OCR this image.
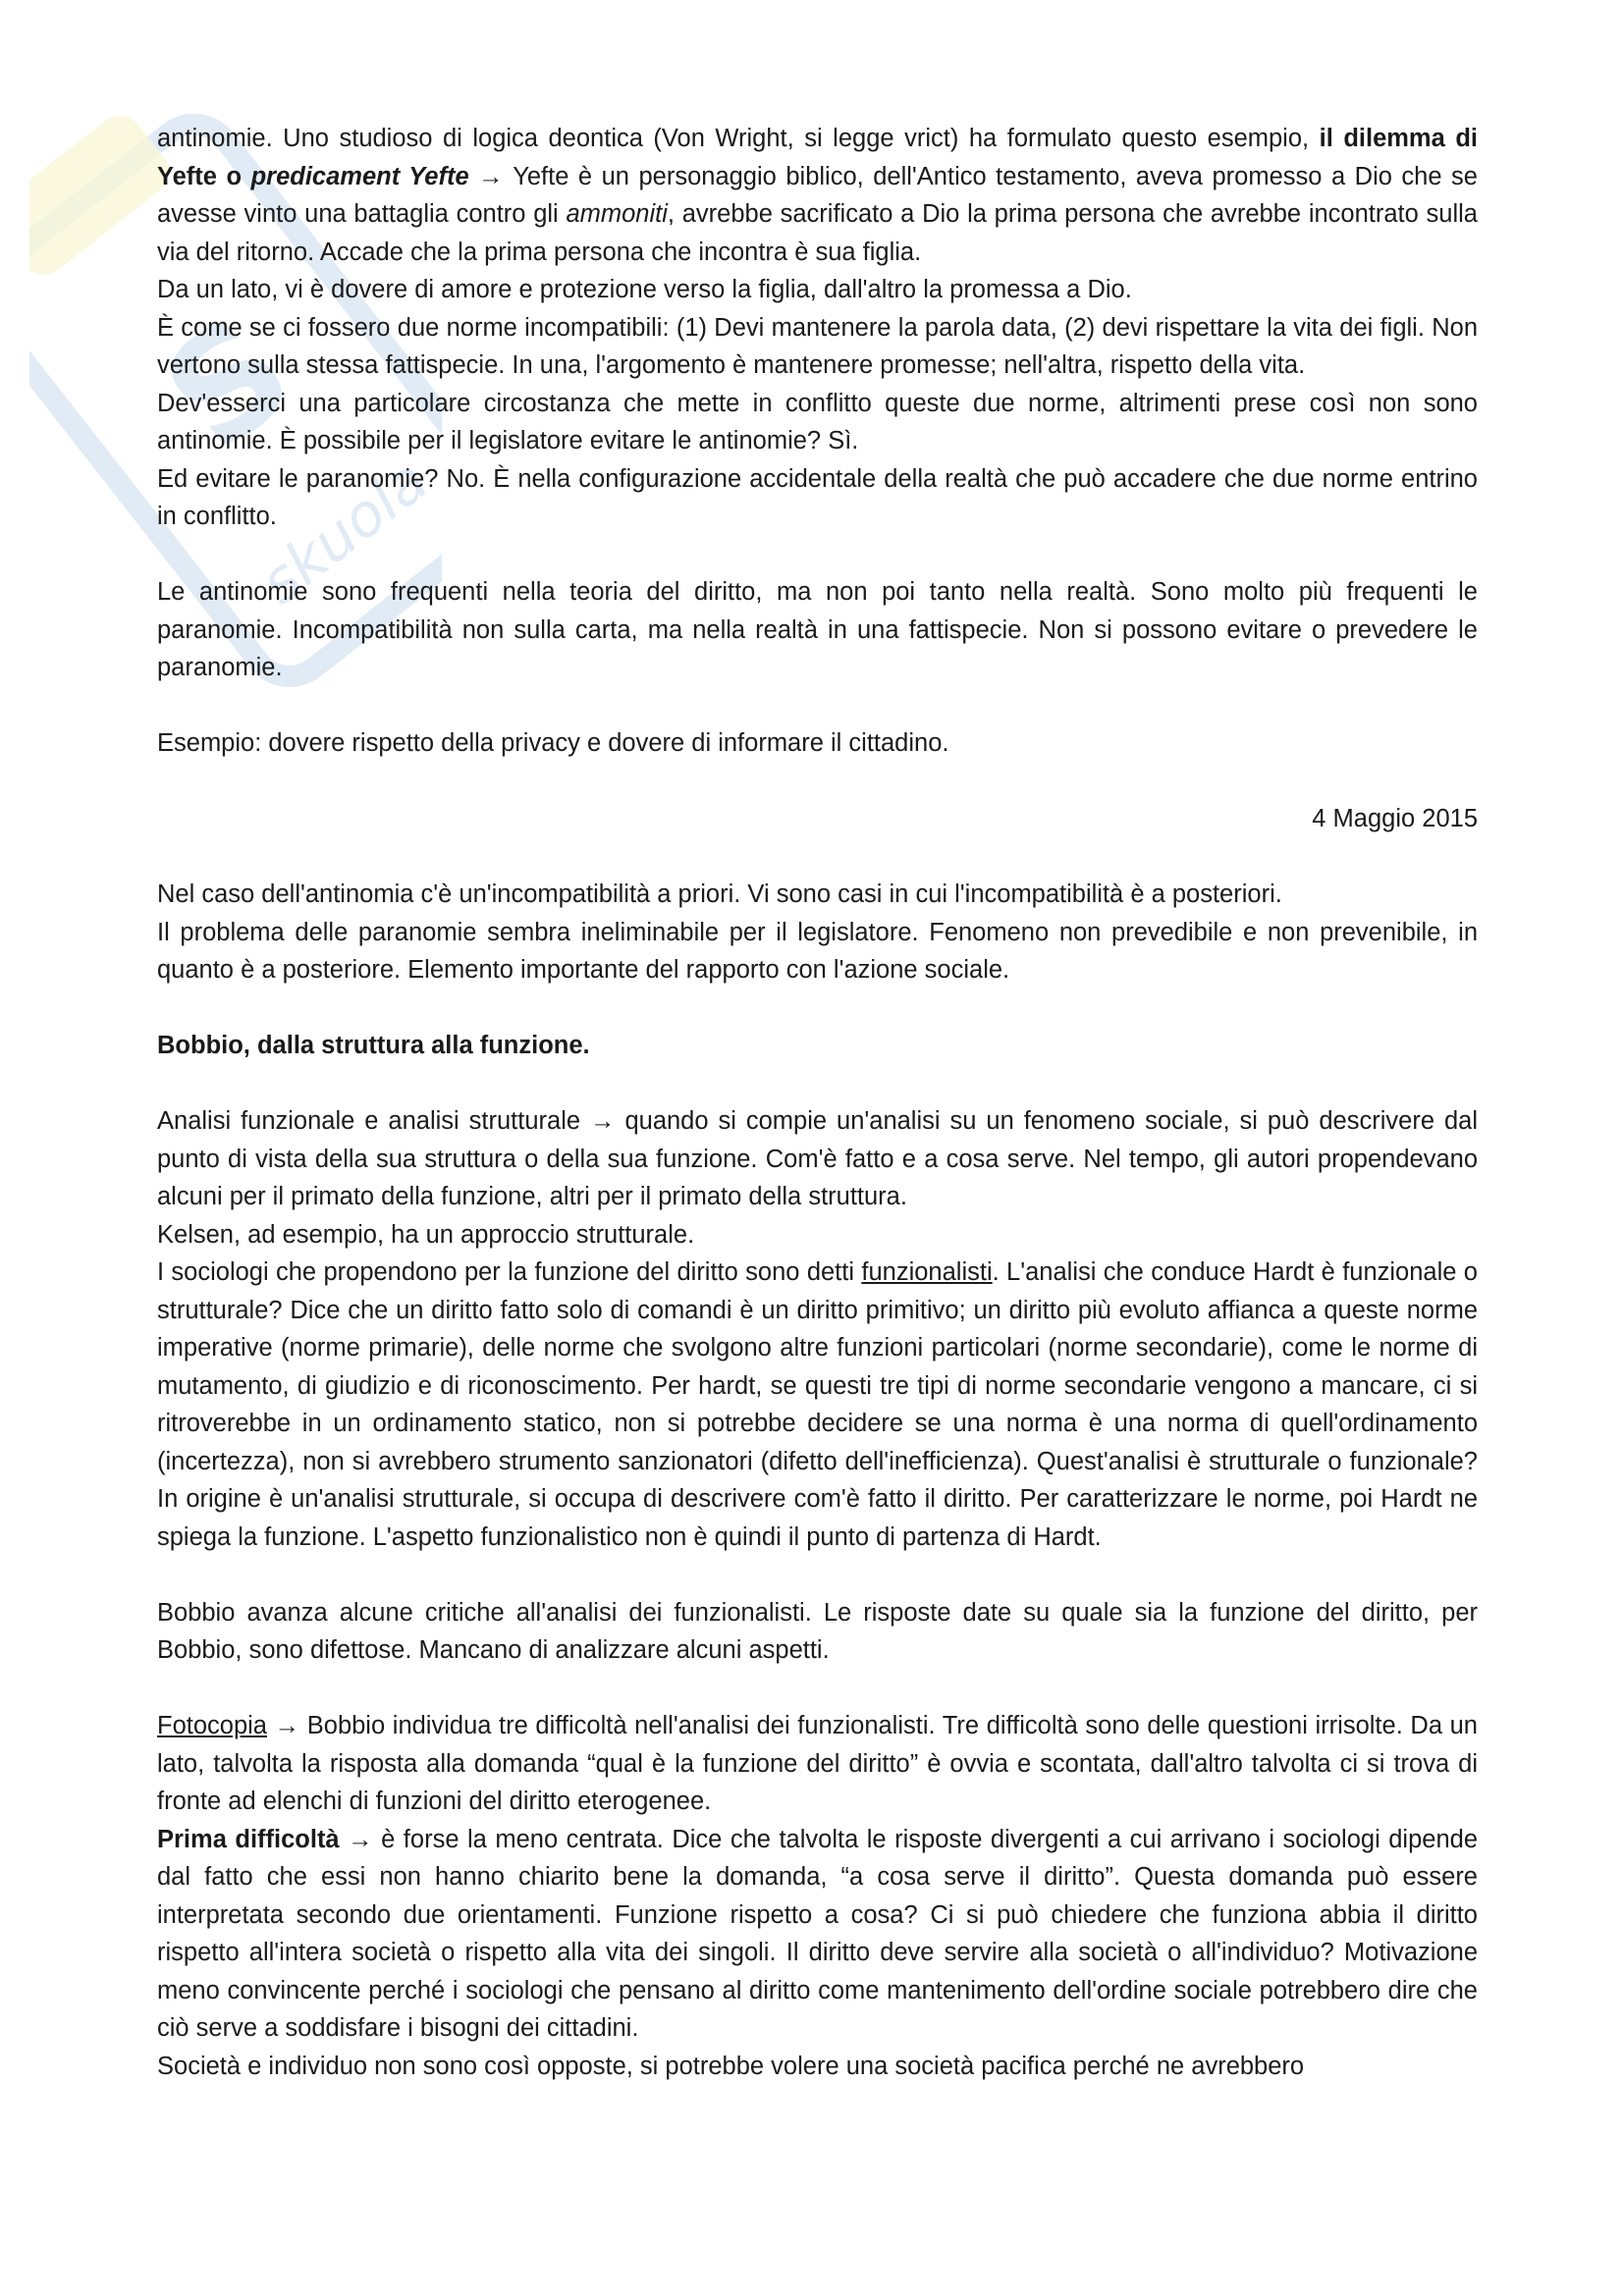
S
skuola

antinomie. Uno studioso di logica deontica (Von Wright, si legge vrict) ha formulato questo esempio, il dilemma di Yefte o predicament Yefte → Yefte è un personaggio biblico, dell'Antico testamento, aveva promesso a Dio che se avesse vinto una battaglia contro gli ammoniti, avrebbe sacrificato a Dio la prima persona che avrebbe incontrato sulla via del ritorno. Accade che la prima persona che incontra è sua figlia.

Da un lato, vi è dovere di amore e protezione verso la figlia, dall'altro la promessa a Dio.

È come se ci fossero due norme incompatibili: (1) Devi mantenere la parola data, (2) devi rispettare la vita dei figli. Non vertono sulla stessa fattispecie. In una, l'argomento è mantenere promesse; nell'altra, rispetto della vita.

Dev'esserci una particolare circostanza che mette in conflitto queste due norme, altrimenti prese così non sono antinomie. È possibile per il legislatore evitare le antinomie? Sì.

Ed evitare le paranomie? No. È nella configurazione accidentale della realtà che può accadere che due norme entrino in conflitto.

Le antinomie sono frequenti nella teoria del diritto, ma non poi tanto nella realtà. Sono molto più frequenti le paranomie. Incompatibilità non sulla carta, ma nella realtà in una fattispecie. Non si possono evitare o prevedere le paranomie.

Esempio: dovere rispetto della privacy e dovere di informare il cittadino.

4 Maggio 2015

Nel caso dell'antinomia c'è un'incompatibilità a priori. Vi sono casi in cui l'incompatibilità è a posteriori.

Il problema delle paranomie sembra ineliminabile per il legislatore. Fenomeno non prevedibile e non prevenibile, in quanto è a posteriore. Elemento importante del rapporto con l'azione sociale.

Bobbio, dalla struttura alla funzione.

Analisi funzionale e analisi strutturale → quando si compie un'analisi su un fenomeno sociale, si può descrivere dal punto di vista della sua struttura o della sua funzione. Com'è fatto e a cosa serve. Nel tempo, gli autori propendevano alcuni per il primato della funzione, altri per il primato della struttura.

Kelsen, ad esempio, ha un approccio strutturale.

I sociologi che propendono per la funzione del diritto sono detti funzionalisti. L'analisi che conduce Hardt è funzionale o strutturale? Dice che un diritto fatto solo di comandi è un diritto primitivo; un diritto più evoluto affianca a queste norme imperative (norme primarie), delle norme che svolgono altre funzioni particolari (norme secondarie), come le norme di mutamento, di giudizio e di riconoscimento. Per hardt, se questi tre tipi di norme secondarie vengono a mancare, ci si ritroverebbe in un ordinamento statico, non si potrebbe decidere se una norma è una norma di quell'ordinamento (incertezza), non si avrebbero strumento sanzionatori (difetto dell'inefficienza). Quest'analisi è strutturale o funzionale? In origine è un'analisi strutturale, si occupa di descrivere com'è fatto il diritto. Per caratterizzare le norme, poi Hardt ne spiega la funzione. L'aspetto funzionalistico non è quindi il punto di partenza di Hardt.

Bobbio avanza alcune critiche all'analisi dei funzionalisti. Le risposte date su quale sia la funzione del diritto, per Bobbio, sono difettose. Mancano di analizzare alcuni aspetti.

Fotocopia → Bobbio individua tre difficoltà nell'analisi dei funzionalisti. Tre difficoltà sono delle questioni irrisolte. Da un lato, talvolta la risposta alla domanda “qual è la funzione del diritto” è ovvia e scontata, dall'altro talvolta ci si trova di fronte ad elenchi di funzioni del diritto eterogenee.

Prima difficoltà → è forse la meno centrata. Dice che talvolta le risposte divergenti a cui arrivano i sociologi dipende dal fatto che essi non hanno chiarito bene la domanda, “a cosa serve il diritto”. Questa domanda può essere interpretata secondo due orientamenti. Funzione rispetto a cosa? Ci si può chiedere che funziona abbia il diritto rispetto all'intera società o rispetto alla vita dei singoli. Il diritto deve servire alla società o all'individuo? Motivazione meno convincente perché i sociologi che pensano al diritto come mantenimento dell'ordine sociale potrebbero dire che ciò serve a soddisfare i bisogni dei cittadini.

Società e individuo non sono così opposte, si potrebbe volere una società pacifica perché ne avrebbero
